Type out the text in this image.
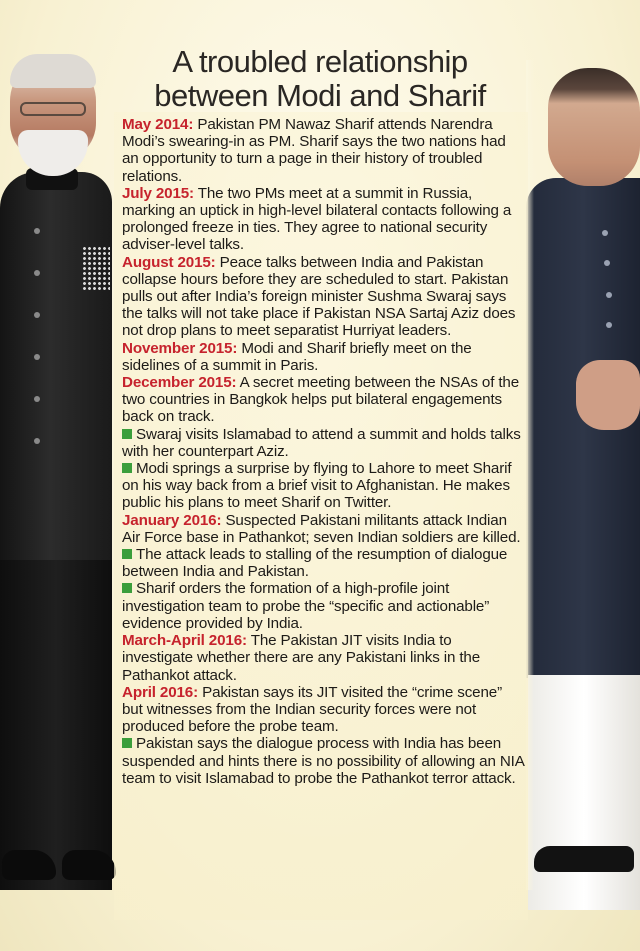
A troubled relationship
between Modi and Sharif

May 2014: Pakistan PM Nawaz Sharif attends Narendra Modi’s swearing-in as PM. Sharif says the two nations had an opportunity to turn a page in their history of troubled relations.

July 2015: The two PMs meet at a summit in Russia, marking an uptick in high-level bilateral contacts following a prolonged freeze in ties. They agree to national security adviser-level talks.

August 2015: Peace talks between India and Pakistan collapse hours before they are scheduled to start. Pakistan pulls out after India’s foreign minister Sushma Swaraj says the talks will not take place if Pakistan NSA Sartaj Aziz does not drop plans to meet separatist Hurriyat leaders.

November 2015: Modi and Sharif briefly meet on the sidelines of a summit in Paris.

December 2015: A secret meeting between the NSAs of the two countries in Bangkok helps put bilateral engagements back on track.

Swaraj visits Islamabad to attend a summit and holds talks with her counterpart Aziz.

Modi springs a surprise by flying to Lahore to meet Sharif on his way back from a brief visit to Afghanistan. He makes public his plans to meet Sharif on Twitter.

January 2016: Suspected Pakistani militants attack Indian Air Force base in Pathankot; seven Indian soldiers are killed.

The attack leads to stalling of the resumption of dialogue between India and Pakistan.

Sharif orders the formation of a high-profile joint investigation team to probe the “specific and actionable” evidence provided by India.

March-April 2016: The Pakistan JIT visits India to investigate whether there are any Pakistani links in the Pathankot attack.

April 2016: Pakistan says its JIT visited the “crime scene” but witnesses from the Indian security forces were not produced before the probe team.

Pakistan says the dialogue process with India has been suspended and hints there is no possibility of allowing an NIA team to visit Islamabad to probe the Pathankot terror attack.
